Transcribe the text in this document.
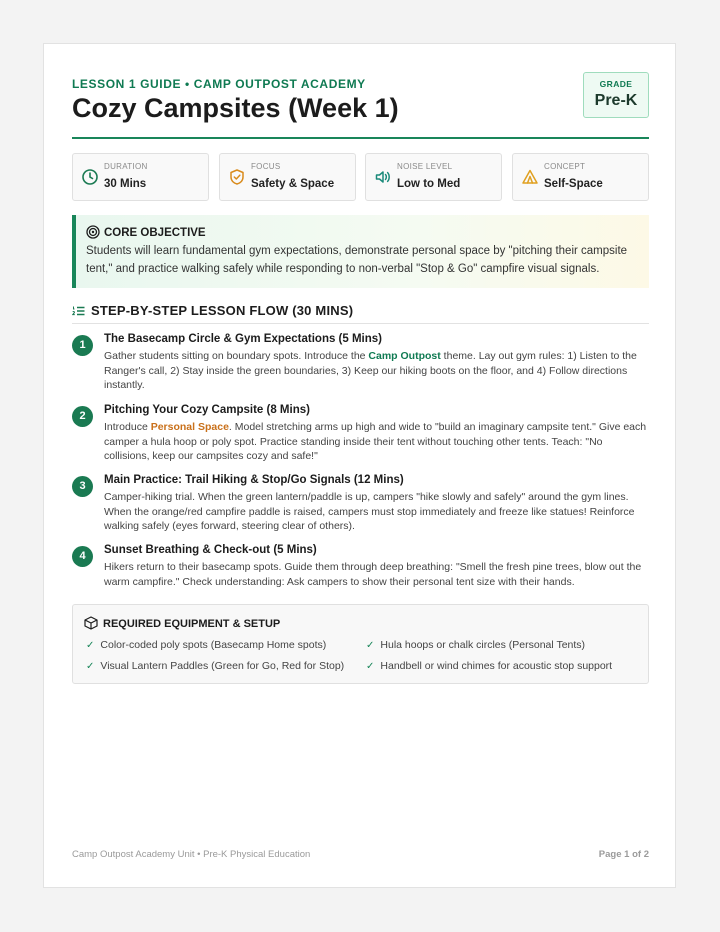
LESSON 1 GUIDE • CAMP OUTPOST ACADEMY
Cozy Campsites (Week 1)
GRADE
Pre-K
DURATION
30 Mins
FOCUS
Safety & Space
NOISE LEVEL
Low to Med
CONCEPT
Self-Space
CORE OBJECTIVE
Students will learn fundamental gym expectations, demonstrate personal space by "pitching their campsite tent," and practice walking safely while responding to non-verbal "Stop & Go" campfire visual signals.
STEP-BY-STEP LESSON FLOW (30 MINS)
1	The Basecamp Circle & Gym Expectations (5 Mins)
Gather students sitting on boundary spots. Introduce the Camp Outpost theme. Lay out gym rules: 1) Listen to the Ranger's call, 2) Stay inside the green boundaries, 3) Keep our hiking boots on the floor, and 4) Follow directions instantly.
2	Pitching Your Cozy Campsite (8 Mins)
Introduce Personal Space. Model stretching arms up high and wide to "build an imaginary campsite tent." Give each camper a hula hoop or poly spot. Practice standing inside their tent without touching other tents. Teach: "No collisions, keep our campsites cozy and safe!"
3	Main Practice: Trail Hiking & Stop/Go Signals (12 Mins)
Camper-hiking trial. When the green lantern/paddle is up, campers "hike slowly and safely" around the gym lines. When the orange/red campfire paddle is raised, campers must stop immediately and freeze like statues! Reinforce walking safely (eyes forward, steering clear of others).
4	Sunset Breathing & Check-out (5 Mins)
Hikers return to their basecamp spots. Guide them through deep breathing: "Smell the fresh pine trees, blow out the warm campfire." Check understanding: Ask campers to show their personal tent size with their hands.
REQUIRED EQUIPMENT & SETUP
✓ Color-coded poly spots (Basecamp Home spots)	✓ Hula hoops or chalk circles (Personal Tents)
✓ Visual Lantern Paddles (Green for Go, Red for Stop) ✓ Handbell or wind chimes for acoustic stop support
Camp Outpost Academy Unit • Pre-K Physical Education	Page 1 of 2
